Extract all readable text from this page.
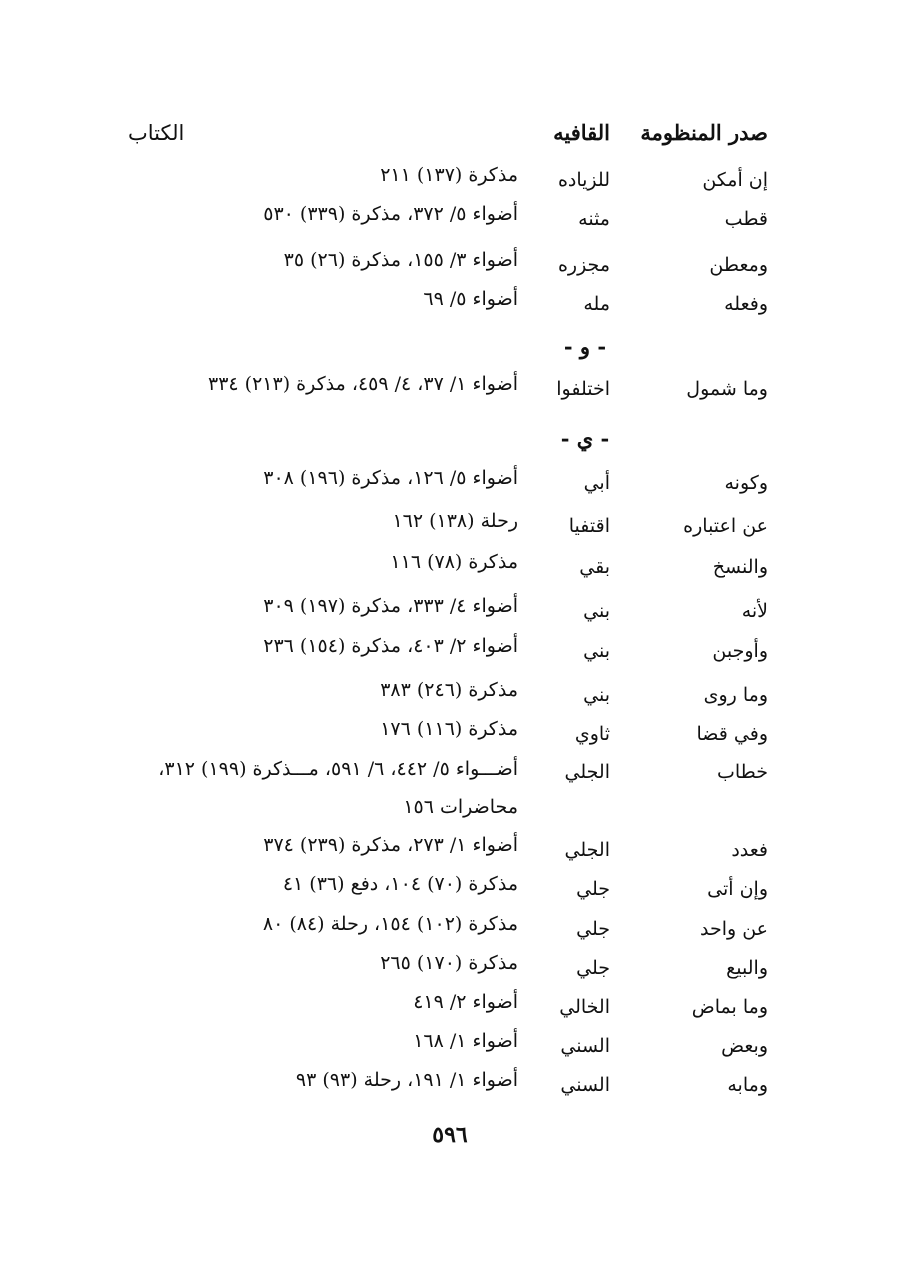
صدر المنظومة
القافيه
الكتاب
إن أمكن
للزياده
مذكرة (١٣٧) ٢١١
قطب
مثنه
أضواء ٥/ ٣٧٢، مذكرة (٣٣٩) ٥٣٠
ومعطن
مجزره
أضواء ٣/ ١٥٥، مذكرة (٢٦) ٣٥
وفعله
مله
أضواء ٥/ ٦٩
- و -
وما شمول
اختلفوا
أضواء ١/ ٣٧، ٤/ ٤٥٩، مذكرة (٢١٣) ٣٣٤
- ي -
وكونه
أبي
أضواء ٥/ ١٢٦، مذكرة (١٩٦) ٣٠٨
عن اعتباره
اقتفيا
رحلة (١٣٨) ١٦٢
والنسخ
بقي
مذكرة (٧٨) ١١٦
لأنه
بني
أضواء ٤/ ٣٣٣، مذكرة (١٩٧) ٣٠٩
وأوجبن
بني
أضواء ٢/ ٤٠٣، مذكرة (١٥٤) ٢٣٦
وما روى
بني
مذكرة (٢٤٦) ٣٨٣
وفي قضا
ثاوي
مذكرة (١١٦) ١٧٦
خطاب
الجلي
أضـــواء ٥/ ٤٤٢، ٦/ ٥٩١، مـــذكرة (١٩٩) ٣١٢،
محاضرات ١٥٦
فعدد
الجلي
أضواء ١/ ٢٧٣، مذكرة (٢٣٩) ٣٧٤
وإن أتى
جلي
مذكرة (٧٠) ١٠٤، دفع (٣٦) ٤١
عن واحد
جلي
مذكرة (١٠٢) ١٥٤، رحلة (٨٤) ٨٠
والبيع
جلي
مذكرة (١٧٠) ٢٦٥
وما بماض
الخالي
أضواء ٢/ ٤١٩
وبعض
السني
أضواء ١/ ١٦٨
ومابه
السني
أضواء ١/ ١٩١، رحلة (٩٣) ٩٣
٥٩٦
